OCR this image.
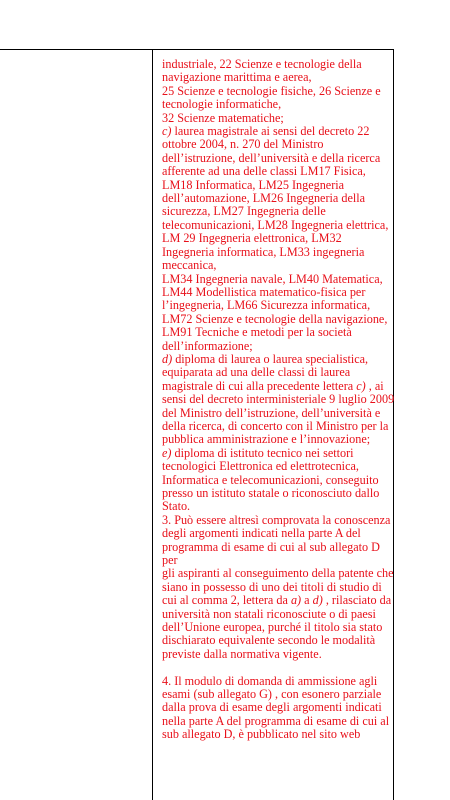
industriale, 22 Scienze e tecnologie della
navigazione marittima e aerea,
25 Scienze e tecnologie fisiche, 26 Scienze e
tecnologie informatiche,
32 Scienze matematiche;
c) laurea magistrale ai sensi del decreto 22
ottobre 2004, n. 270 del Ministro
dell’istruzione, dell’università e della ricerca
afferente ad una delle classi LM17 Fisica,
LM18 Informatica, LM25 Ingegneria
dell’automazione, LM26 Ingegneria della
sicurezza, LM27 Ingegneria delle
telecomunicazioni, LM28 Ingegneria elettrica,
LM 29 Ingegneria elettronica, LM32
Ingegneria informatica, LM33 ingegneria
meccanica,
LM34 Ingegneria navale, LM40 Matematica,
LM44 Modellistica matematico-fisica per
l’ingegneria, LM66 Sicurezza informatica,
LM72 Scienze e tecnologie della navigazione,
LM91 Tecniche e metodi per la società
dell’informazione;
d) diploma di laurea o laurea specialistica,
equiparata ad una delle classi di laurea
magistrale di cui alla precedente lettera c) , ai
sensi del decreto interministeriale 9 luglio 2009
del Ministro dell’istruzione, dell’università e
della ricerca, di concerto con il Ministro per la
pubblica amministrazione e l’innovazione;
e) diploma di istituto tecnico nei settori
tecnologici Elettronica ed elettrotecnica,
Informatica e telecomunicazioni, conseguito
presso un istituto statale o riconosciuto dallo
Stato.
3. Può essere altresì comprovata la conoscenza
degli argomenti indicati nella parte A del
programma di esame di cui al sub allegato D
per
gli aspiranti al conseguimento della patente che
siano in possesso di uno dei titoli di studio di
cui al comma 2, lettera da a) a d) , rilasciato da
università non statali riconosciute o di paesi
dell’Unione europea, purché il titolo sia stato
dischiarato equivalente secondo le modalità
previste dalla normativa vigente.
4. Il modulo di domanda di ammissione agli
esami (sub allegato G) , con esonero parziale
dalla prova di esame degli argomenti indicati
nella parte A del programma di esame di cui al
sub allegato D, è pubblicato nel sito web
